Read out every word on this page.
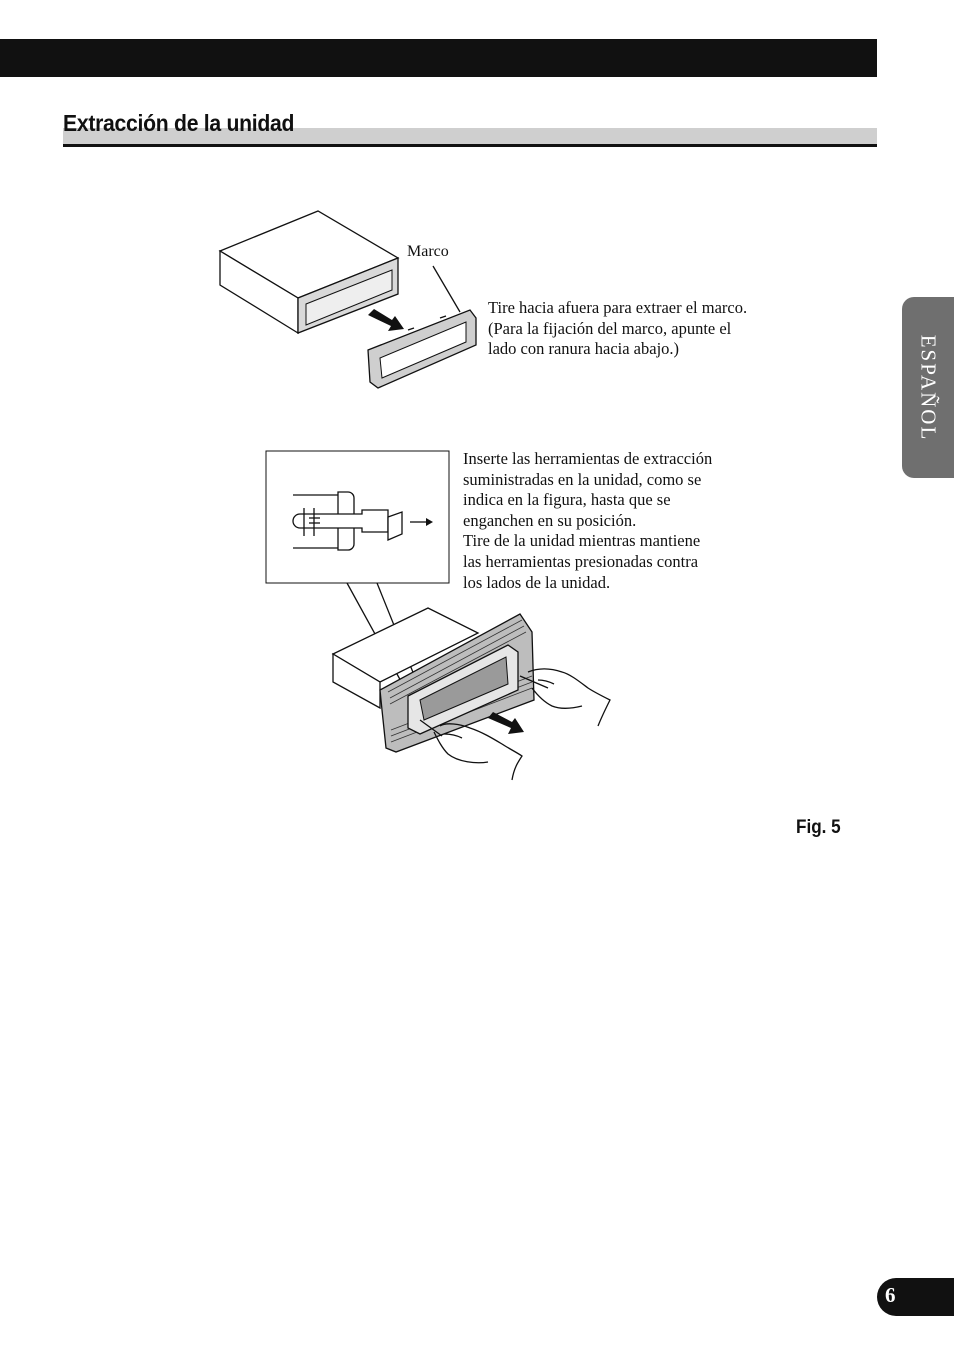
Extracción de la unidad
ESPAÑOL
Marco
Tire hacia afuera para extraer el marco.
(Para la fijación del marco, apunte el
lado con ranura hacia abajo.)
Inserte las herramientas de extracción
suministradas en la unidad, como se
indica en la figura, hasta que se
enganchen en su posición.
Tire de la unidad mientras mantiene
las herramientas presionadas contra
los lados de la unidad.
Fig. 5
6
